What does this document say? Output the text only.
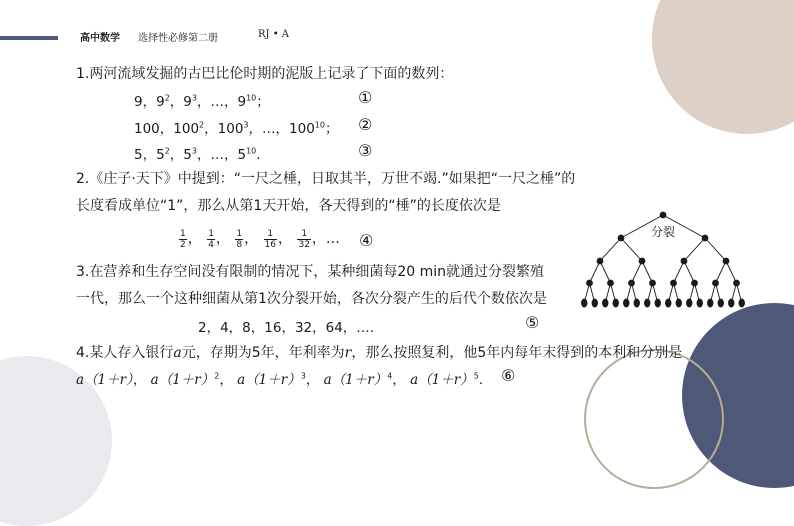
高中数学 选择性必修第二册	RJ • A
1.两河流域发掘的古巴比伦时期的泥版上记录了下面的数列：
9，$9^2$，$9^3$，…，$9^{10}$；	①
100，$100^2$，$100^3$，…，$100^{10}$； ②
5，$5^2$，$5^3$，…，$5^{10}$.	③
2.《庄子·天下》中提到：“一尺之棰，日取其半，万世不竭.”如果把“一尺之棰”的
长度看成单位“1”，那么从第1天开始，各天得到的“棰”的长度依次是
$\frac{1}{2}$ ， $\frac{1}{4}$ ， $\frac{1}{8}$ ， $\frac{1}{16}$ ， $\frac{1}{32}$ ，… ④
3.在营养和生存空间没有限制的情况下，某种细菌每20 min就通过分裂繁殖
一代，那么一个这种细菌从第1次分裂开始，各次分裂产生的后代个数依次是
2，4，8，16，32，64，….	⑤
4.某人存入银行a元，存期为5年，年利率为r，那么按照复利，他5年内每年末得到的本利和分别是
a（1＋r）， $a(1+r)^2$， $a(1+r)^3$， $a(1+r)^4$， $a(1+r)^5$. ⑥
分裂
